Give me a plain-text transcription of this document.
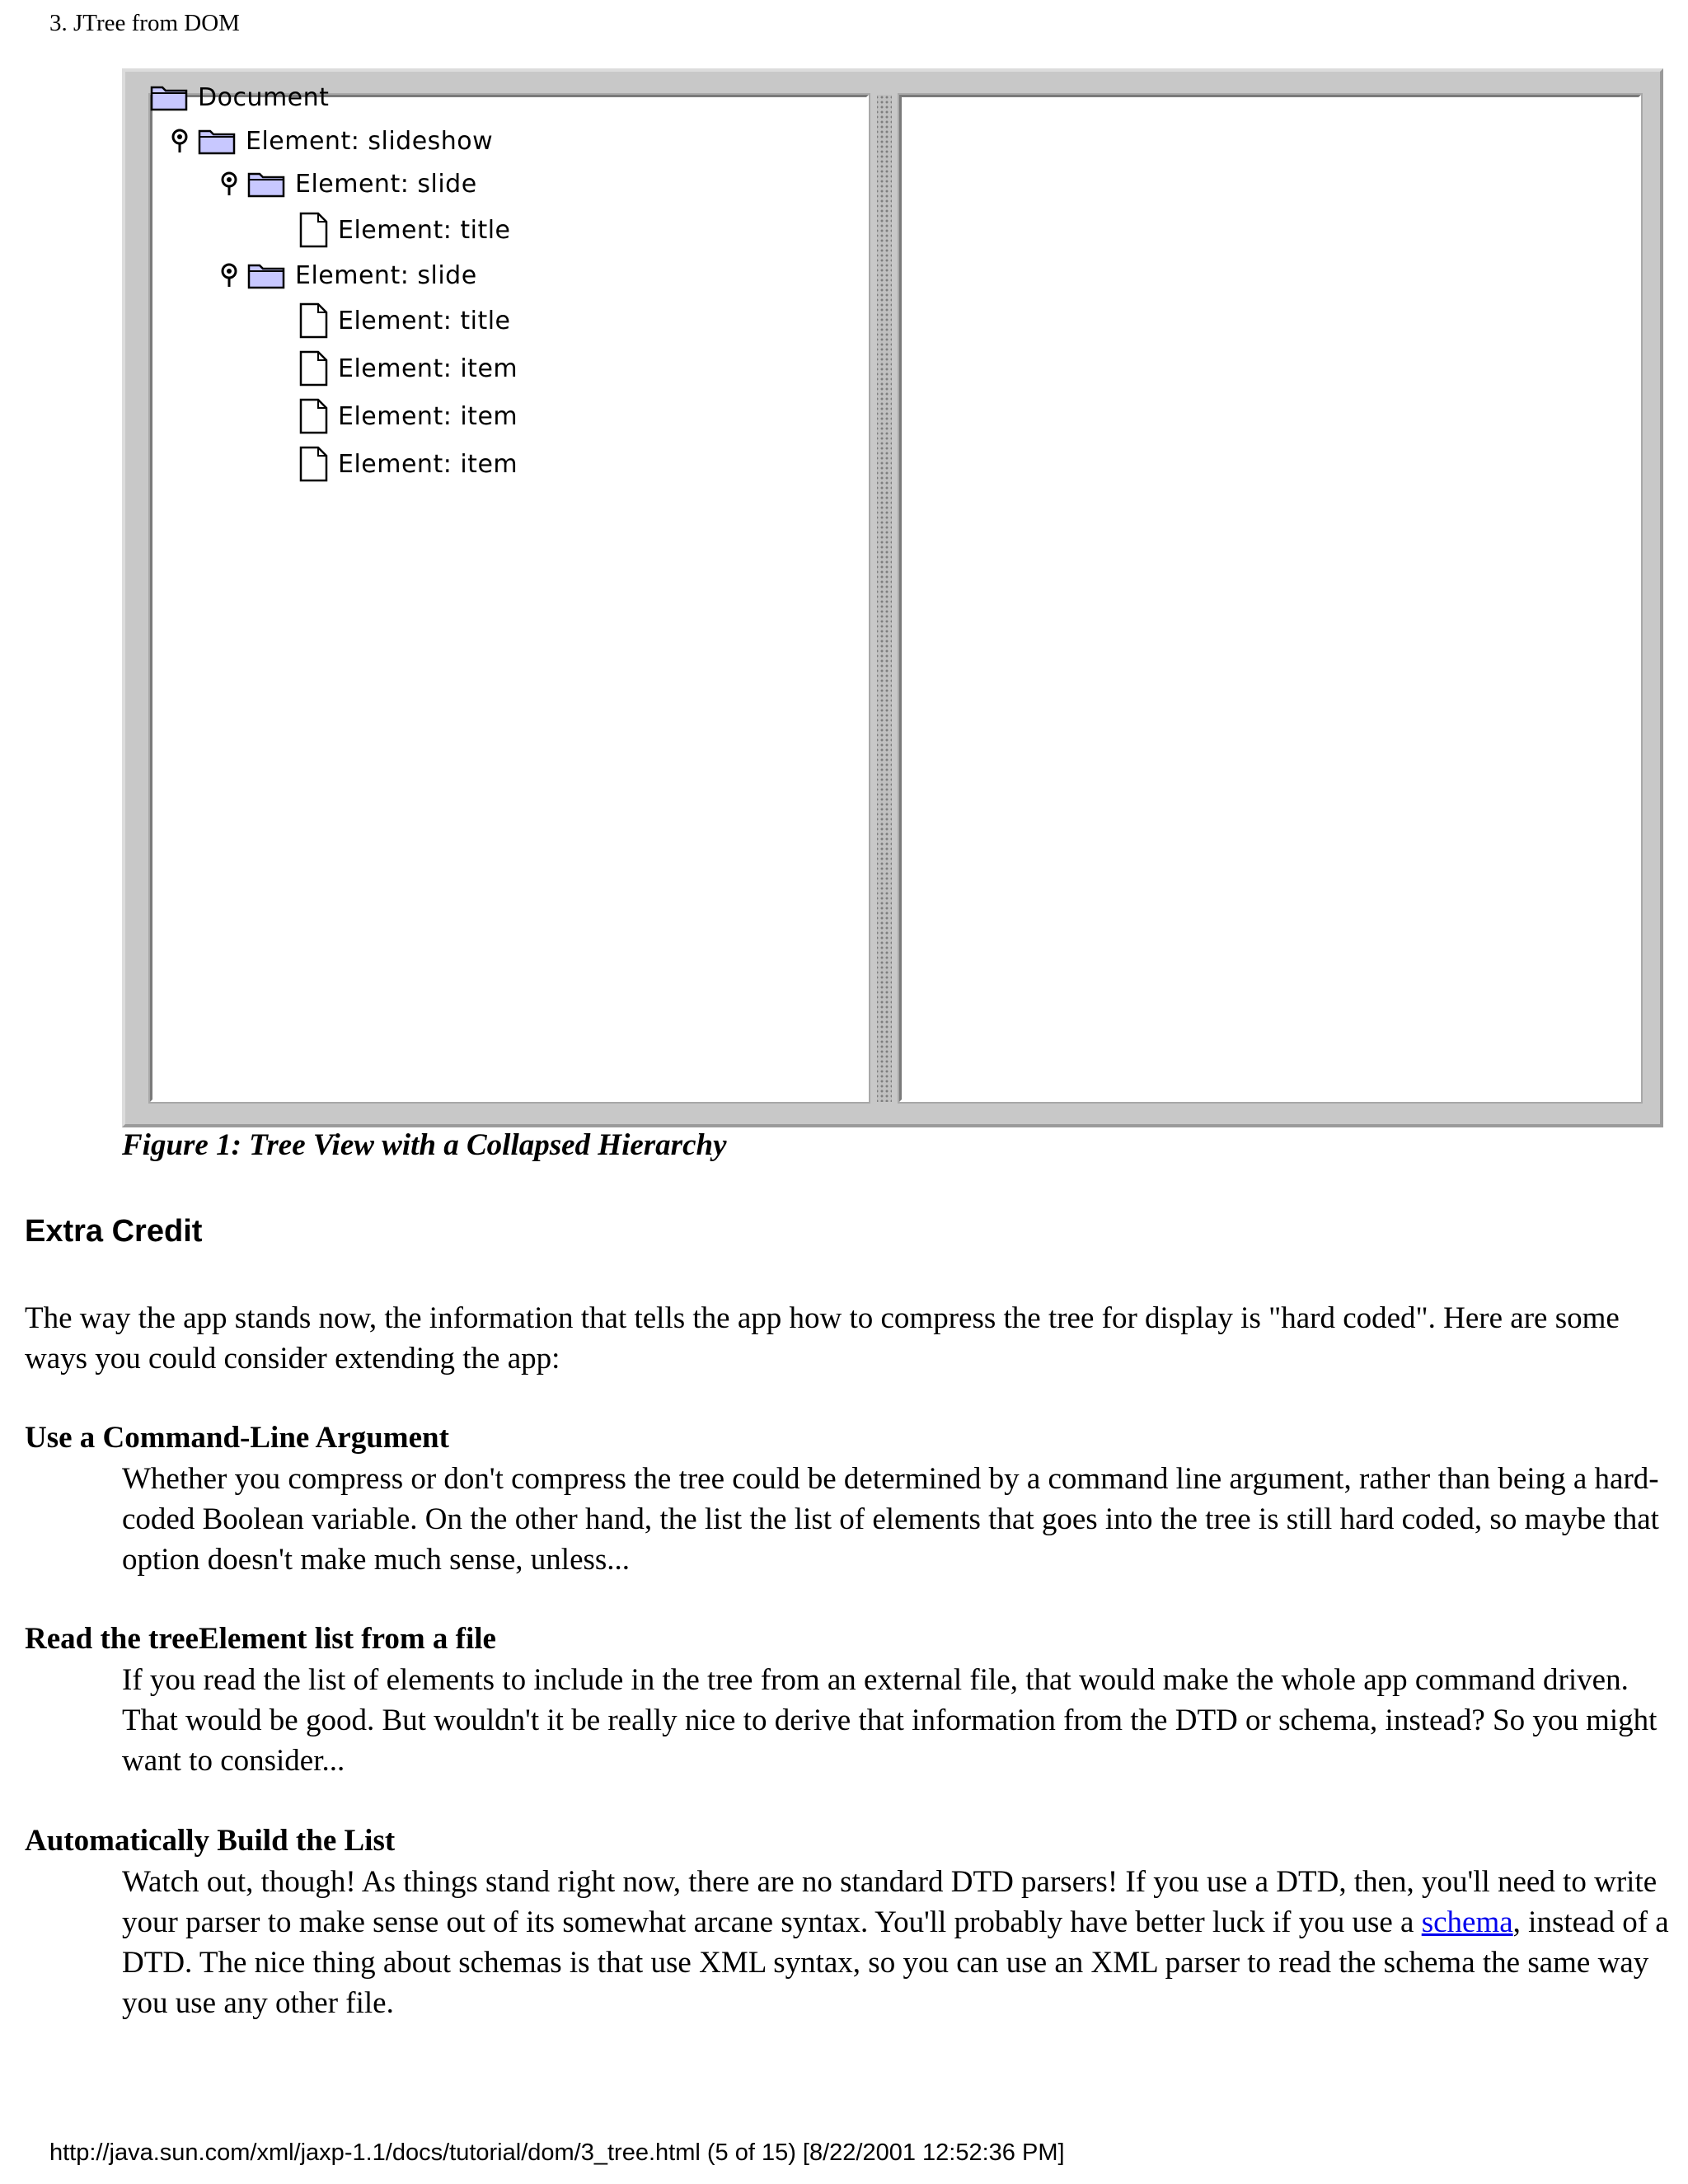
3. JTree from DOM
Document
Element: slideshow
Element: slide
Element: title
Element: slide
Element: title
Element: item
Element: item
Element: item
Figure 1: Tree View with a Collapsed Hierarchy
Extra Credit

The way the app stands now, the information that tells the app how to compress the tree for display is "hard coded". Here are some ways you could consider extending the app:

Use a Command-Line Argument

Whether you compress or don't compress the tree could be determined by a command line argument, rather than being a hard-coded Boolean variable. On the other hand, the list the list of elements that goes into the tree is still hard coded, so maybe that option doesn't make much sense, unless...

Read the treeElement list from a file

If you read the list of elements to include in the tree from an external file, that would make the whole app command driven. That would be good. But wouldn't it be really nice to derive that information from the DTD or schema, instead? So you might want to consider...

Automatically Build the List

Watch out, though! As things stand right now, there are no standard DTD parsers! If you use a DTD, then, you'll need to write your parser to make sense out of its somewhat arcane syntax. You'll probably have better luck if you use a schema, instead of a DTD. The nice thing about schemas is that use XML syntax, so you can use an XML parser to read the schema the same way you use any other file.

http://java.sun.com/xml/jaxp-1.1/docs/tutorial/dom/3_tree.html (5 of 15) [8/22/2001 12:52:36 PM]
